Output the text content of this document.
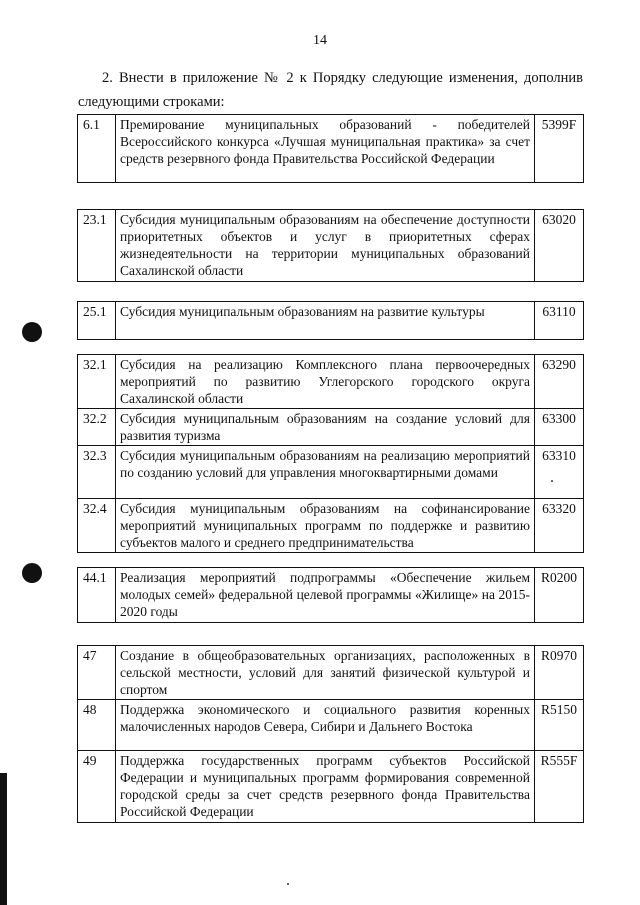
14

2. Внести в приложение № 2 к Порядку следующие изменения, дополнив следующими строками:

6.1	Премирование муниципальных образований - победителей Всероссийского конкурса «Лучшая муниципальная практика» за счет средств резервного фонда Правительства Российской Федерации	5399F
23.1	Субсидия муниципальным образованиям на обеспечение доступности приоритетных объектов и услуг в приоритетных сферах жизнедеятельности на территории муниципальных образований Сахалинской области	63020
25.1	Субсидия муниципальным образованиям на развитие культуры	63110
32.1	Субсидия на реализацию Комплексного плана первоочередных мероприятий по развитию Углегорского городского округа Сахалинской области	63290
32.2	Субсидия муниципальным образованиям на создание условий для развития туризма	63300
32.3	Субсидия муниципальным образованиям на реализацию мероприятий по созданию условий для управления многоквартирными домами	63310
32.4	Субсидия муниципальным образованиям на софинансирование мероприятий муниципальных программ по поддержке и развитию субъектов малого и среднего предпринимательства	63320
44.1	Реализация мероприятий подпрограммы «Обеспечение жильем молодых семей» федеральной целевой программы «Жилище» на 2015-2020 годы	R0200
47	Создание в общеобразовательных организациях, расположенных в сельской местности, условий для занятий физической культурой и спортом	R0970
48	Поддержка экономического и социального развития коренных малочисленных народов Севера, Сибири и Дальнего Востока	R5150
49	Поддержка государственных программ субъектов Российской Федерации и муниципальных программ формирования современной городской среды за счет средств резервного фонда Правительства Российской Федерации	R555F
